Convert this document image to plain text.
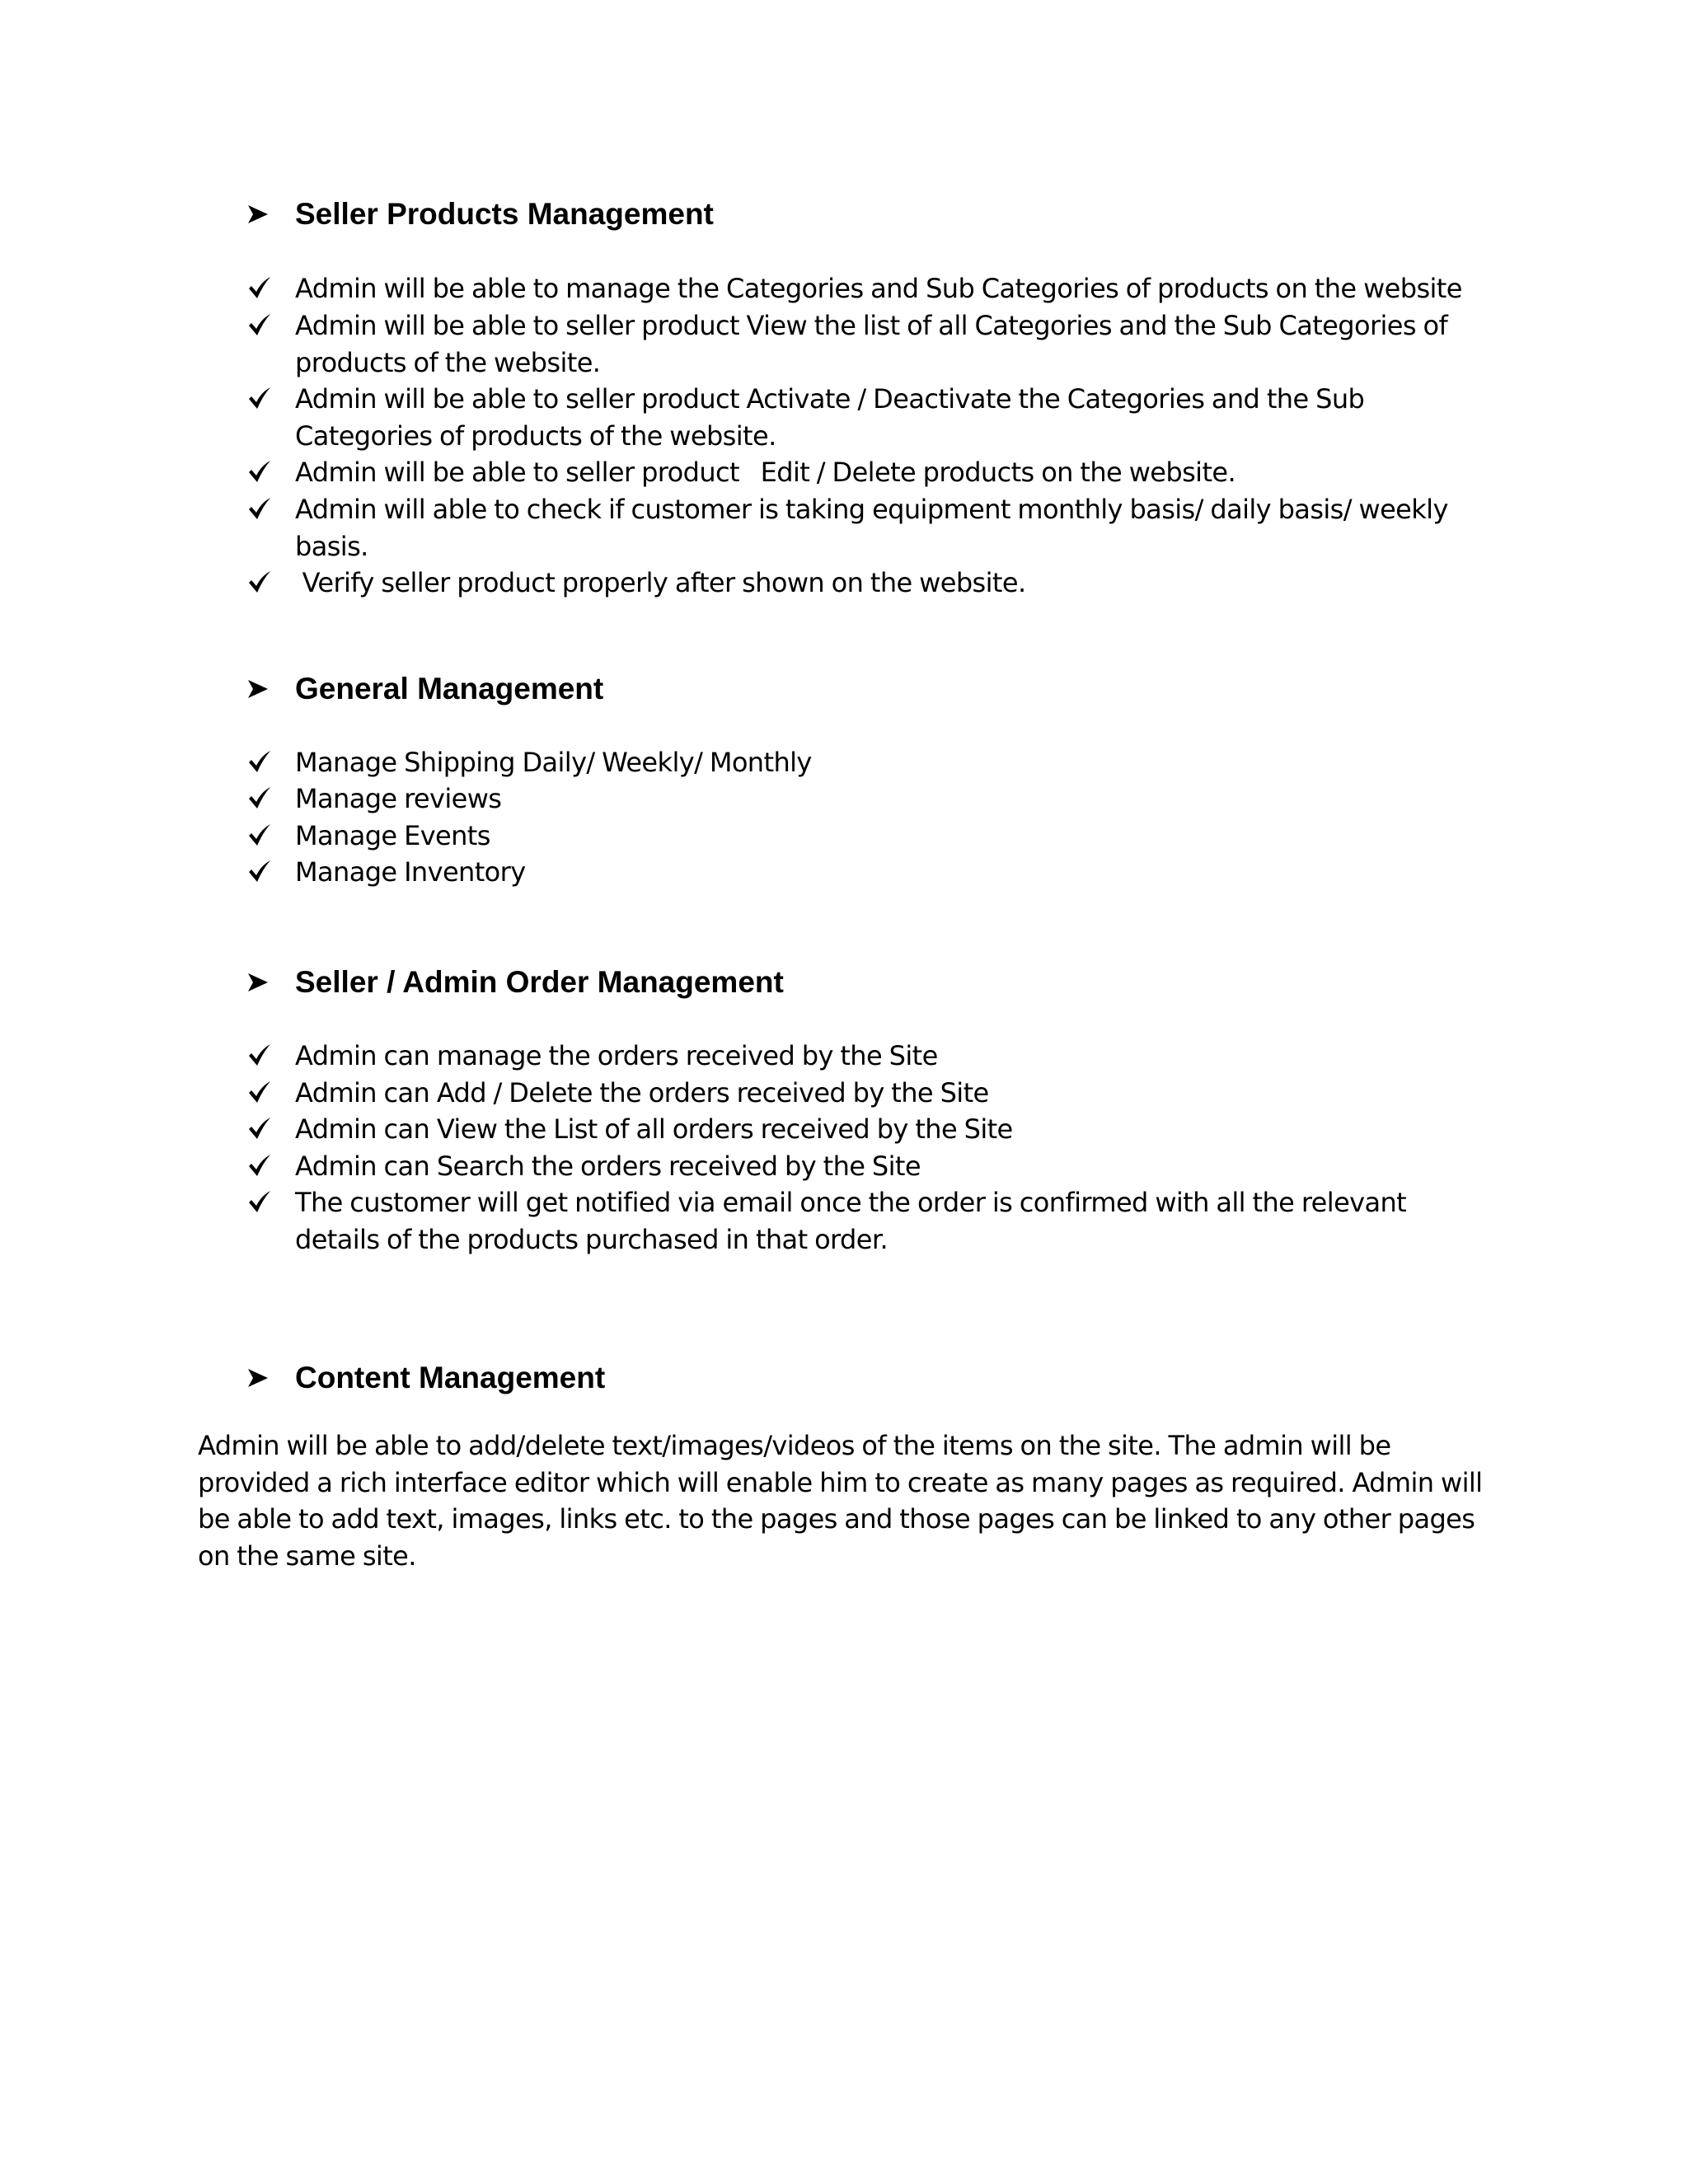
Seller Products Management
Admin will be able to manage the Categories and Sub Categories of products on the website
Admin will be able to seller product View the list of all Categories and the Sub Categories of products of the website.
Admin will be able to seller product Activate / Deactivate the Categories and the Sub Categories of products of the website.
Admin will be able to seller product   Edit / Delete products on the website.
Admin will able to check if customer is taking equipment monthly basis/ daily basis/ weekly basis.
Verify seller product properly after shown on the website.
General Management
Manage Shipping Daily/ Weekly/ Monthly
Manage reviews
Manage Events
Manage Inventory
Seller / Admin Order Management
Admin can manage the orders received by the Site
Admin can Add / Delete the orders received by the Site
Admin can View the List of all orders received by the Site
Admin can Search the orders received by the Site
The customer will get notified via email once the order is confirmed with all the relevant details of the products purchased in that order.
Content Management

Admin will be able to add/delete text/images/videos of the items on the site. The admin will be provided a rich interface editor which will enable him to create as many pages as required. Admin will be able to add text, images, links etc. to the pages and those pages can be linked to any other pages on the same site.
